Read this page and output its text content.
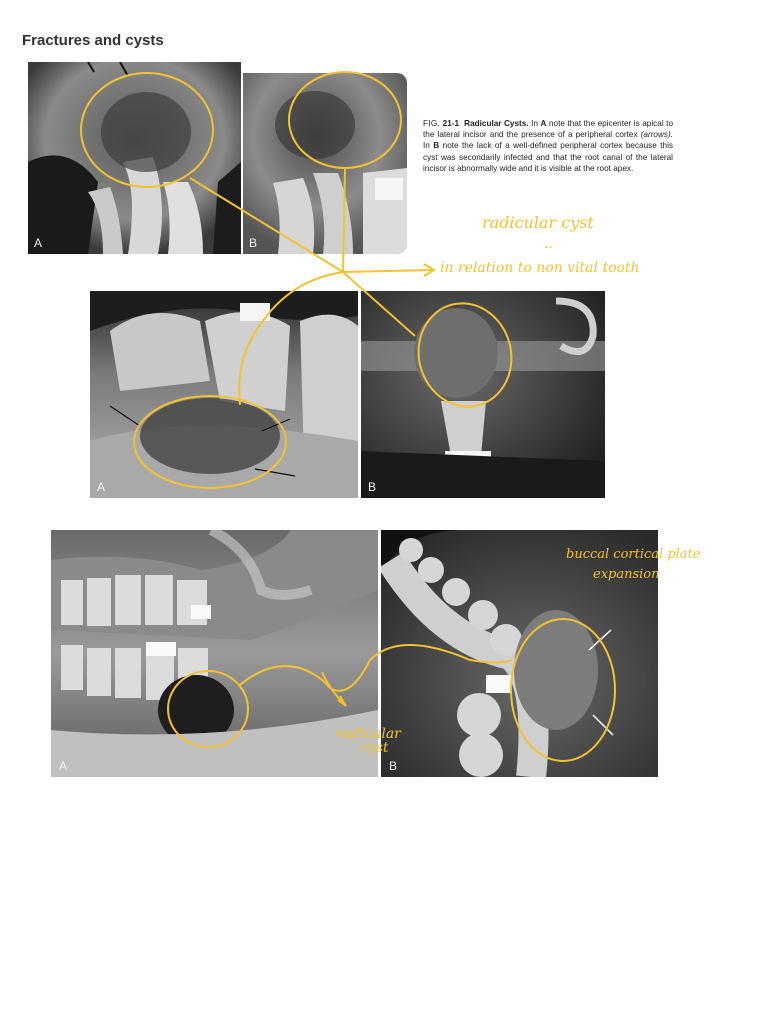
Fractures and cysts
A	B
FIG. 21-1 Radicular Cysts. In A note that the epicenter is apical to the lateral incisor and the presence of a peripheral cortex (arrows). In B note the lack of a well-defined peripheral cortex because this cyst was secondarily infected and that the root canal of the lateral incisor is abnormally wide and it is visible at the root apex.
A	B
A	B
radicular cyst
..
in relation to non vital tooth
radicular
cyst
buccal cortical plate
expansion
